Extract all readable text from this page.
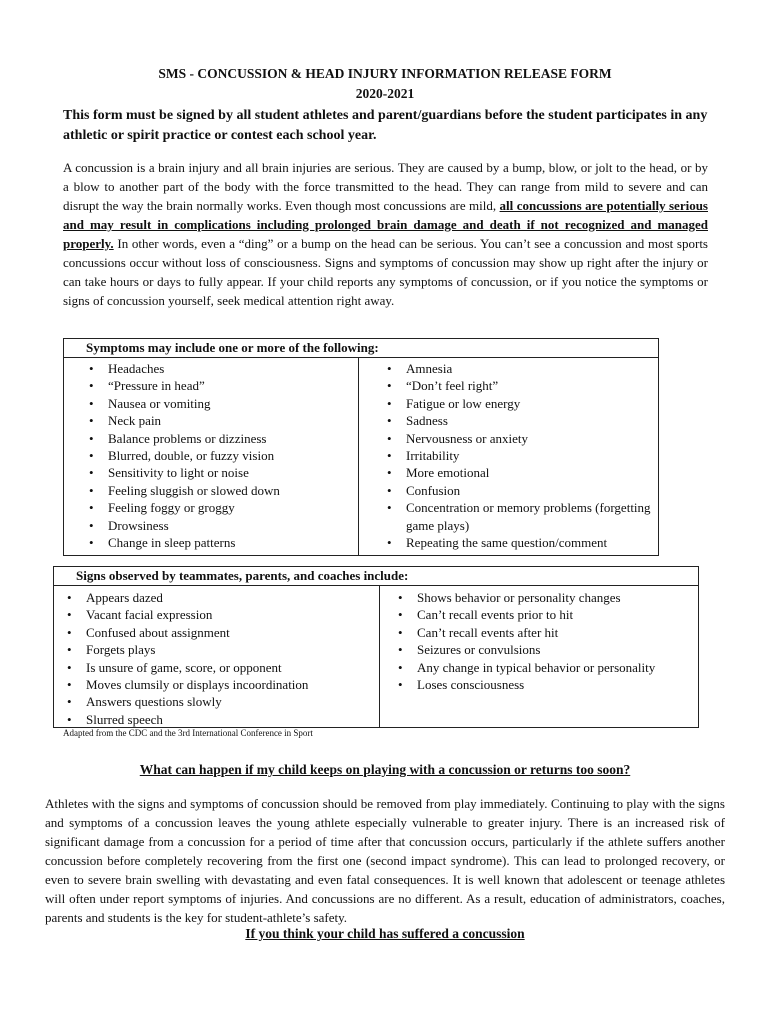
SMS - CONCUSSION & HEAD INJURY INFORMATION RELEASE FORM
2020-2021
This form must be signed by all student athletes and parent/guardians before the student participates in any athletic or spirit practice or contest each school year.
A concussion is a brain injury and all brain injuries are serious. They are caused by a bump, blow, or jolt to the head, or by a blow to another part of the body with the force transmitted to the head. They can range from mild to severe and can disrupt the way the brain normally works. Even though most concussions are mild, all concussions are potentially serious and may result in complications including prolonged brain damage and death if not recognized and managed properly. In other words, even a “ding” or a bump on the head can be serious. You can’t see a concussion and most sports concussions occur without loss of consciousness. Signs and symptoms of concussion may show up right after the injury or can take hours or days to fully appear. If your child reports any symptoms of concussion, or if you notice the symptoms or signs of concussion yourself, seek medical attention right away.
Symptoms may include one or more of the following:
• Headaches
• “Pressure in head”
• Nausea or vomiting
• Neck pain
• Balance problems or dizziness
• Blurred, double, or fuzzy vision
• Sensitivity to light or noise
• Feeling sluggish or slowed down
• Feeling foggy or groggy
• Drowsiness
• Change in sleep patterns
• Amnesia
• “Don’t feel right”
• Fatigue or low energy
• Sadness
• Nervousness or anxiety
• Irritability
• More emotional
• Confusion
• Concentration or memory problems (forgetting game plays)
• Repeating the same question/comment
Signs observed by teammates, parents, and coaches include:
• Appears dazed
• Vacant facial expression
• Confused about assignment
• Forgets plays
• Is unsure of game, score, or opponent
• Moves clumsily or displays incoordination
• Answers questions slowly
• Slurred speech
• Shows behavior or personality changes
• Can’t recall events prior to hit
• Can’t recall events after hit
• Seizures or convulsions
• Any change in typical behavior or personality
• Loses consciousness
Adapted from the CDC and the 3rd International Conference in Sport
What can happen if my child keeps on playing with a concussion or returns too soon?
Athletes with the signs and symptoms of concussion should be removed from play immediately. Continuing to play with the signs and symptoms of a concussion leaves the young athlete especially vulnerable to greater injury. There is an increased risk of significant damage from a concussion for a period of time after that concussion occurs, particularly if the athlete suffers another concussion before completely recovering from the first one (second impact syndrome). This can lead to prolonged recovery, or even to severe brain swelling with devastating and even fatal consequences. It is well known that adolescent or teenage athletes will often under report symptoms of injuries. And concussions are no different. As a result, education of administrators, coaches, parents and students is the key for student-athlete’s safety.
If you think your child has suffered a concussion
